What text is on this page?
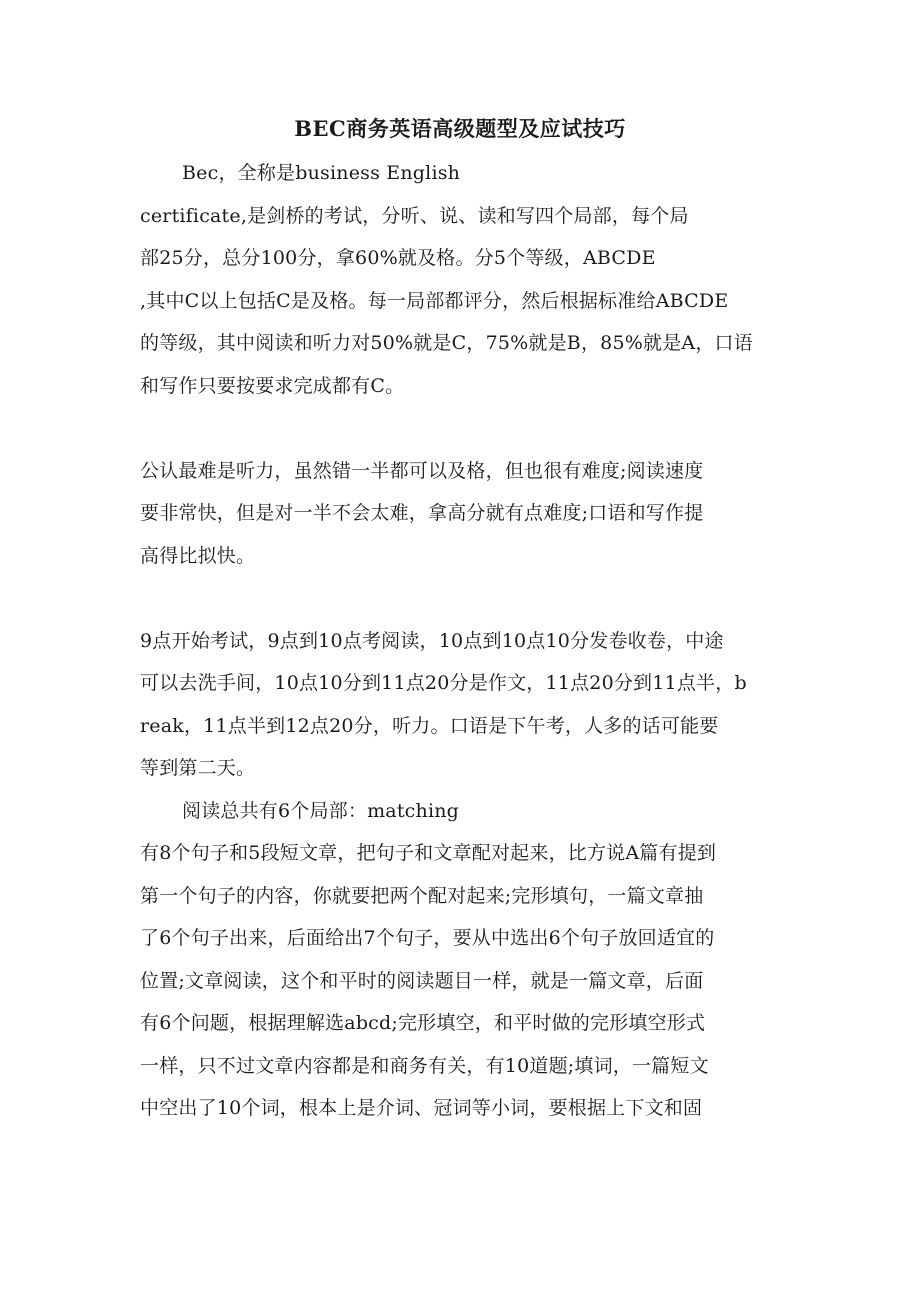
BEC商务英语高级题型及应试技巧
Bec，全称是business English
certificate,是剑桥的考试，分听、说、读和写四个局部，每个局
部25分，总分100分，拿60%就及格。分5个等级，ABCDE
,其中C以上包括C是及格。每一局部都评分，然后根据标准给ABCDE
的等级，其中阅读和听力对50%就是C，75%就是B，85%就是A，口语
和写作只要按要求完成都有C。
公认最难是听力，虽然错一半都可以及格，但也很有难度;阅读速度
要非常快，但是对一半不会太难，拿高分就有点难度;口语和写作提
高得比拟快。
9点开始考试，9点到10点考阅读，10点到10点10分发卷收卷，中途
可以去洗手间，10点10分到11点20分是作文，11点20分到11点半，b
reak，11点半到12点20分，听力。口语是下午考，人多的话可能要
等到第二天。
阅读总共有6个局部：matching
有8个句子和5段短文章，把句子和文章配对起来，比方说A篇有提到
第一个句子的内容，你就要把两个配对起来;完形填句，一篇文章抽
了6个句子出来，后面给出7个句子，要从中选出6个句子放回适宜的
位置;文章阅读，这个和平时的阅读题目一样，就是一篇文章，后面
有6个问题，根据理解选abcd;完形填空，和平时做的完形填空形式
一样，只不过文章内容都是和商务有关，有10道题;填词，一篇短文
中空出了10个词，根本上是介词、冠词等小词，要根据上下文和固
